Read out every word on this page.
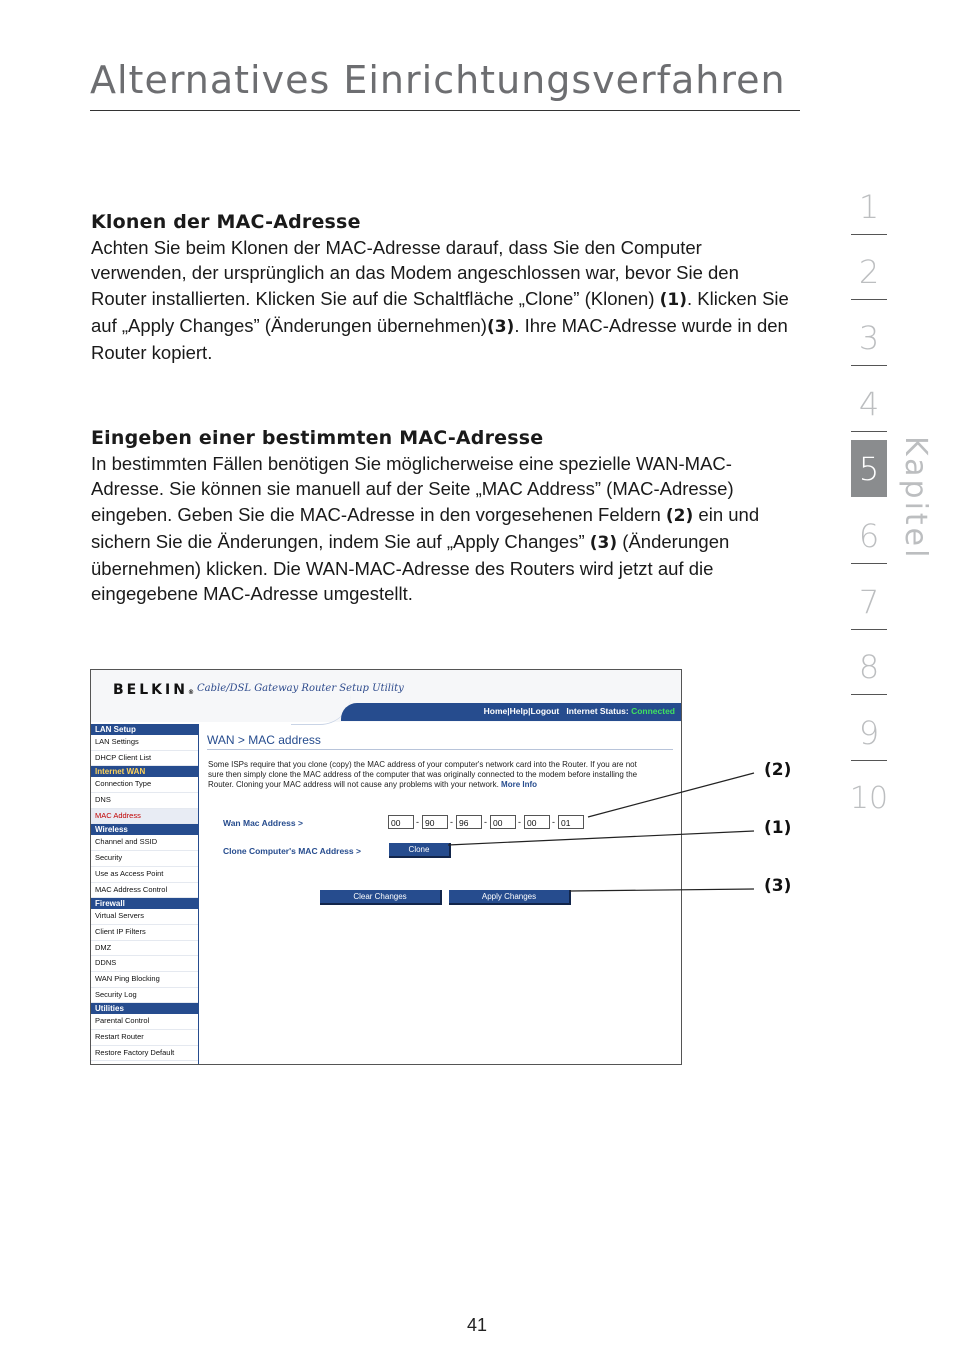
Alternatives Einrichtungsverfahren
Klonen der MAC-Adresse

Achten Sie beim Klonen der MAC-Adresse darauf, dass Sie den Computer verwenden, der ursprünglich an das Modem angeschlossen war, bevor Sie den Router installierten. Klicken Sie auf die Schaltfläche „Clone” (Klonen) (1). Klicken Sie auf „Apply Changes” (Änderungen übernehmen)(3). Ihre MAC-Adresse wurde in den Router kopiert.

Eingeben einer bestimmten MAC-Adresse

In bestimmten Fällen benötigen Sie möglicherweise eine spezielle WAN-MAC-Adresse. Sie können sie manuell auf der Seite „MAC Address” (MAC-Adresse) eingeben. Geben Sie die MAC-Adresse in den vorgesehenen Feldern (2) ein und sichern Sie die Änderungen, indem Sie auf „Apply Changes” (3) (Änderungen übernehmen) klicken. Die WAN-MAC-Adresse des Routers wird jetzt auf die eingegebene MAC-Adresse umgestellt.

1
2
3
4
5
6
7
8
9
10
Kapitel
BELKIN® Cable/DSL Gateway Router Setup Utility
Home|Help|Logout Internet Status: Connected
LAN Setup
LAN Settings
DHCP Client List
Internet WAN
Connection Type
DNS
MAC Address
Wireless
Channel and SSID
Security
Use as Access Point
MAC Address Control
Firewall
Virtual Servers
Client IP Filters
DMZ
DDNS
WAN Ping Blocking
Security Log
Utilities
Parental Control
Restart Router
Restore Factory Default
WAN > MAC address
Some ISPs require that you clone (copy) the MAC address of your computer's network card into the Router. If you are not sure then simply clone the MAC address of the computer that was originally connected to the modem before installing the Router. Cloning your MAC address will not cause any problems with your network. More Info
Wan Mac Address >	00	- 90	- 96	- 00	- 00	- 01
Clone Computer's MAC Address >	Clone
Clear Changes	Apply Changes
(2)
(1)
(3)
41
